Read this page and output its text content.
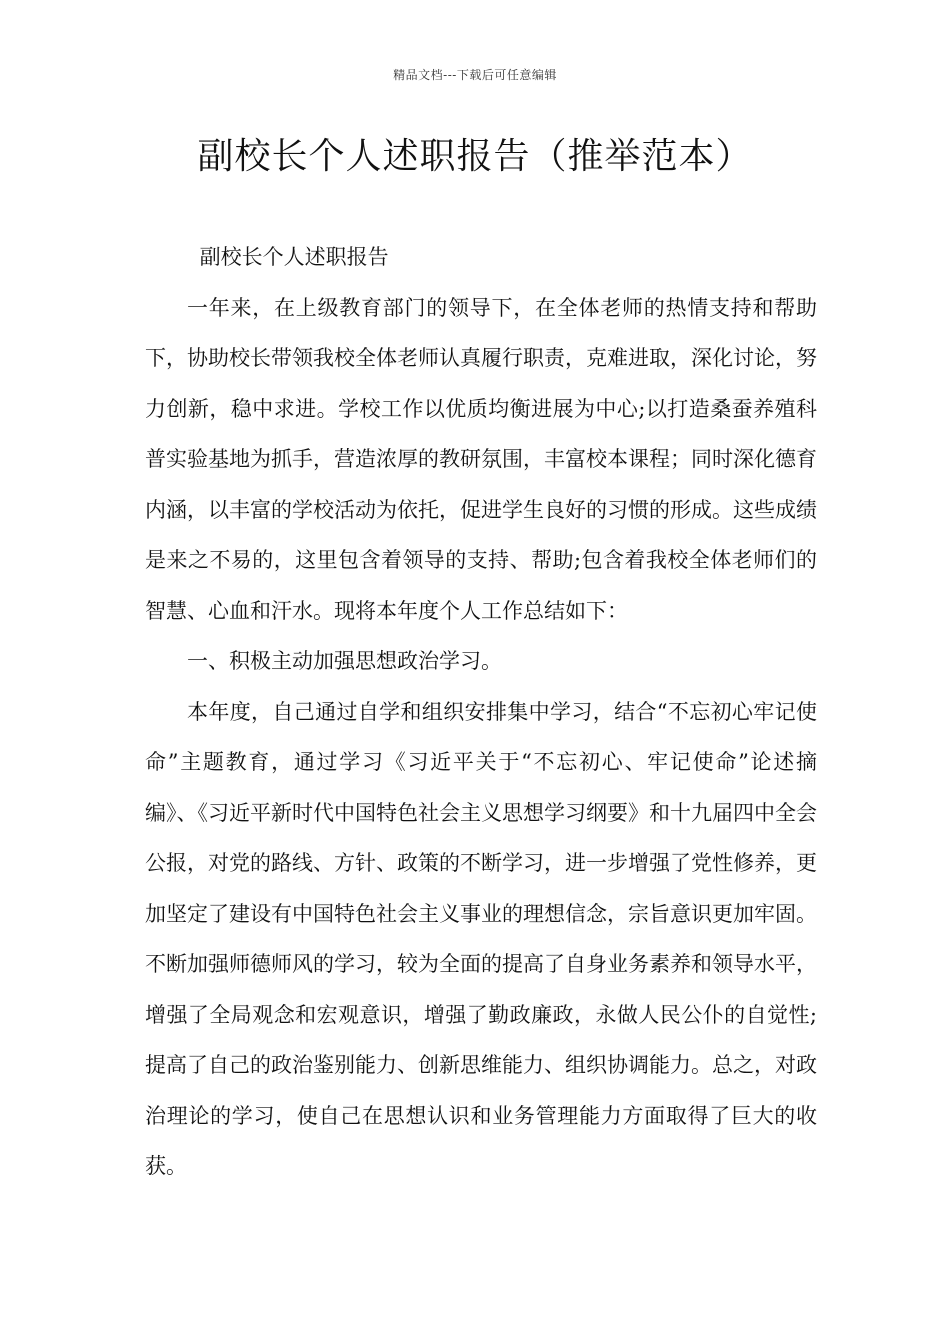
精品文档---下载后可任意编辑
副校长个人述职报告（推举范本）

副校长个人述职报告

一年来，在上级教育部门的领导下，在全体老师的热情支持和帮助下，协助校长带领我校全体老师认真履行职责，克难进取，深化讨论，努力创新，稳中求进。学校工作以优质均衡进展为中心;以打造桑蚕养殖科普实验基地为抓手，营造浓厚的教研氛围，丰富校本课程；同时深化德育内涵，以丰富的学校活动为依托，促进学生良好的习惯的形成。这些成绩是来之不易的，这里包含着领导的支持、帮助;包含着我校全体老师们的智慧、心血和汗水。现将本年度个人工作总结如下：

一、积极主动加强思想政治学习。

本年度，自己通过自学和组织安排集中学习，结合“不忘初心牢记使命”主题教育，通过学习《习近平关于“不忘初心、牢记使命”论述摘编》、《习近平新时代中国特色社会主义思想学习纲要》和十九届四中全会公报，对党的路线、方针、政策的不断学习，进一步增强了党性修养，更加坚定了建设有中国特色社会主义事业的理想信念，宗旨意识更加牢固。不断加强师德师风的学习，较为全面的提高了自身业务素养和领导水平，增强了全局观念和宏观意识，增强了勤政廉政，永做人民公仆的自觉性;提高了自己的政治鉴别能力、创新思维能力、组织协调能力。总之，对政治理论的学习，使自己在思想认识和业务管理能力方面取得了巨大的收获。
